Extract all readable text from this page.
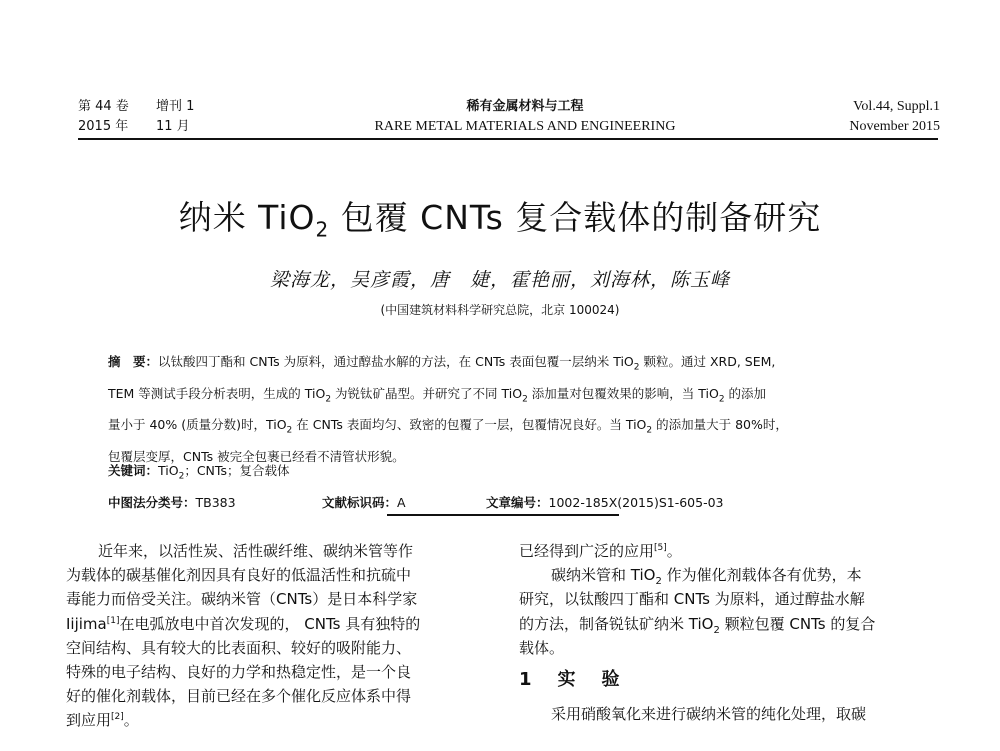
第 44 卷	增刊 1
2015 年	11 月
稀有金属材料与工程
RARE METAL MATERIALS AND ENGINEERING
Vol.44, Suppl.1
November 2015
纳米 TiO$_2$ 包覆 CNTs 复合载体的制备研究
梁海龙，吴彦霞，唐　婕，霍艳丽，刘海林，陈玉峰
(中国建筑材料科学研究总院，北京 100024)
摘　要：以钛酸四丁酯和 CNTs 为原料，通过醇盐水解的方法，在 CNTs 表面包覆一层纳米 TiO$_2$ 颗粒。通过 XRD, SEM,
TEM 等测试手段分析表明，生成的 TiO$_2$ 为锐钛矿晶型。并研究了不同 TiO$_2$ 添加量对包覆效果的影响，当 TiO$_2$ 的添加
量小于 40% (质量分数)时，TiO$_2$ 在 CNTs 表面均匀、致密的包覆了一层，包覆情况良好。当 TiO$_2$ 的添加量大于 80%时，
包覆层变厚，CNTs 被完全包裹已经看不清管状形貌。
关键词：TiO$_2$；CNTs；复合载体
中图法分类号：TB383	文献标识码：A	文章编号：1002-185X(2015)S1-605-03
近年来，以活性炭、活性碳纤维、碳纳米管等作
为载体的碳基催化剂因具有良好的低温活性和抗硫中
毒能力而倍受关注。碳纳米管（CNTs）是日本科学家
Iijima[1]在电弧放电中首次发现的， CNTs 具有独特的
空间结构、具有较大的比表面积、较好的吸附能力、
特殊的电子结构、良好的力学和热稳定性，是一个良
好的催化剂载体，目前已经在多个催化反应体系中得
到应用[2]。
已经得到广泛的应用[5]。
碳纳米管和 TiO$_2$ 作为催化剂载体各有优势，本
研究，以钛酸四丁酯和 CNTs 为原料，通过醇盐水解
的方法，制备锐钛矿纳米 TiO$_2$ 颗粒包覆 CNTs 的复合
载体。
1　实　验
采用硝酸氧化来进行碳纳米管的纯化处理，取碳
